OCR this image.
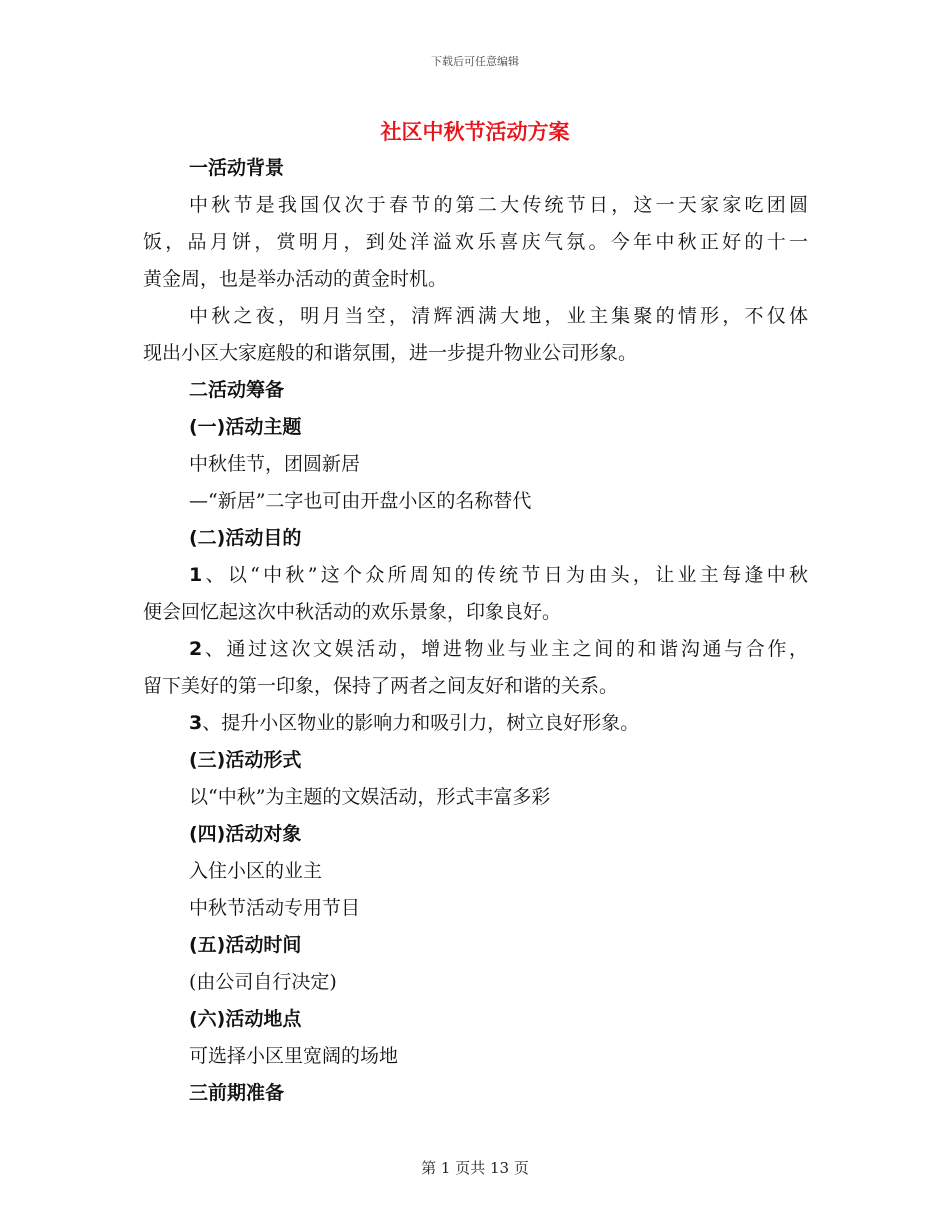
下载后可任意编辑
社区中秋节活动方案
一活动背景
中秋节是我国仅次于春节的第二大传统节日，这一天家家吃团圆
饭，品月饼，赏明月，到处洋溢欢乐喜庆气氛。今年中秋正好的十一
黄金周，也是举办活动的黄金时机。
中秋之夜，明月当空，清辉洒满大地，业主集聚的情形，不仅体
现出小区大家庭般的和谐氛围，进一步提升物业公司形象。
二活动筹备
(一)活动主题
中秋佳节，团圆新居
—“新居”二字也可由开盘小区的名称替代
(二)活动目的
1、以“中秋”这个众所周知的传统节日为由头，让业主每逢中秋
便会回忆起这次中秋活动的欢乐景象，印象良好。
2、通过这次文娱活动，增进物业与业主之间的和谐沟通与合作，
留下美好的第一印象，保持了两者之间友好和谐的关系。
3、提升小区物业的影响力和吸引力，树立良好形象。
(三)活动形式
以“中秋”为主题的文娱活动，形式丰富多彩
(四)活动对象
入住小区的业主
中秋节活动专用节目
(五)活动时间
(由公司自行决定)
(六)活动地点
可选择小区里宽阔的场地
三前期准备
第 1 页共 13 页
